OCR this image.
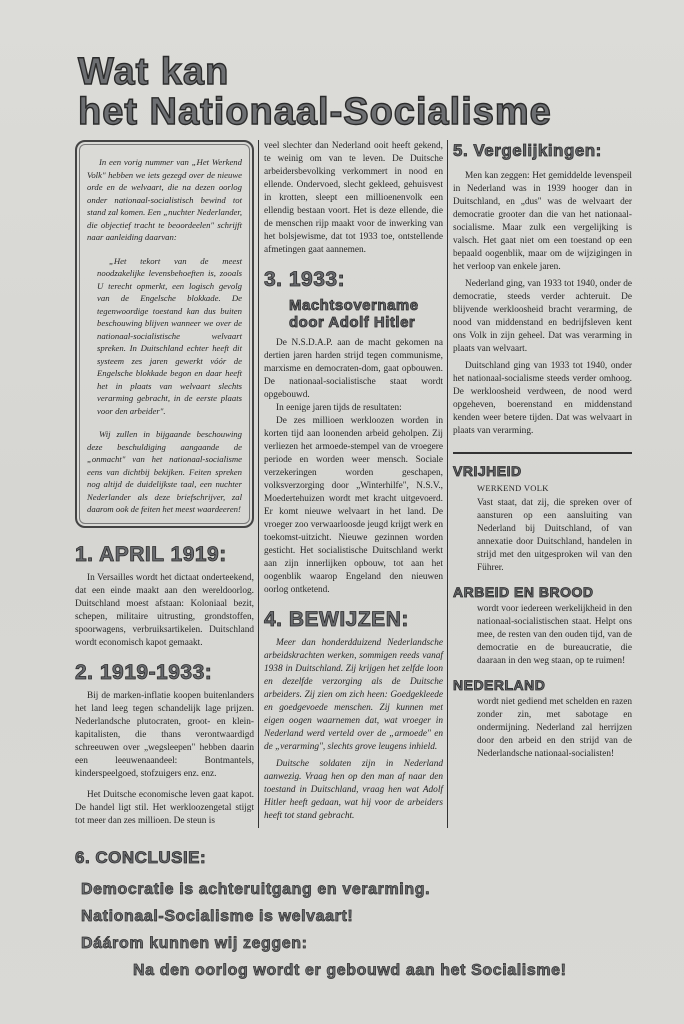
Wat kan
het Nationaal-Socialisme

In een vorig nummer van „Het Werkend Volk" hebben we iets gezegd over de nieuwe orde en de welvaart, die na dezen oorlog onder nationaal-socialistisch bewind tot stand zal komen. Een „nuchter Nederlander, die objectief tracht te beoordeelen" schrijft naar aanleiding daarvan:

„Het tekort van de meest noodzakelijke levensbehoeften is, zooals U terecht opmerkt, een logisch gevolg van de Engelsche blokkade. De tegenwoordige toestand kan dus buiten beschouwing blijven wanneer we over de nationaal-socialistische welvaart spreken. In Duitschland echter heeft dit systeem zes jaren gewerkt vóór de Engelsche blokkade begon en daar heeft het in plaats van welvaart slechts verarming gebracht, in de eerste plaats voor den arbeider".

Wij zullen in bijgaande beschouwing deze beschuldiging aangaande de „onmacht" van het nationaal-socialisme eens van dichtbij bekijken. Feiten spreken nog altijd de duidelijkste taal, een nuchter Nederlander als deze briefschrijver, zal daarom ook de feiten het meest waardeeren!

1. APRIL 1919:

In Versailles wordt het dictaat onderteekend, dat een einde maakt aan den wereldoorlog. Duitschland moest afstaan: Koloniaal bezit, schepen, militaire uitrusting, grondstoffen, spoorwagens, verbruiksartikelen. Duitschland wordt economisch kapot gemaakt.

2. 1919-1933:

Bij de marken-inflatie koopen buitenlanders het land leeg tegen schandelijk lage prijzen. Nederlandsche plutocraten, groot- en klein-kapitalisten, die thans verontwaardigd schreeuwen over „wegsleepen" hebben daarin een leeuwenaandeel: Bontmantels, kinderspeelgoed, stofzuigers enz. enz.

Het Duitsche economische leven gaat kapot. De handel ligt stil. Het werkloozengetal stijgt tot meer dan zes millioen. De steun is

veel slechter dan Nederland ooit heeft gekend, te weinig om van te leven. De Duitsche arbeidersbevolking verkommert in nood en ellende. Ondervoed, slecht gekleed, gehuisvest in krotten, sleept een millioenenvolk een ellendig bestaan voort. Het is deze ellende, die de menschen rijp maakt voor de inwerking van het bolsjewisme, dat tot 1933 toe, ontstellende afmetingen gaat aannemen.

3. 1933:
Machtsovername door Adolf Hitler

De N.S.D.A.P. aan de macht gekomen na dertien jaren harden strijd tegen communisme, marxisme en democraten-dom, gaat opbouwen. De nationaal-socialistische staat wordt opgebouwd.

In eenige jaren tijds de resultaten:

De zes millioen werkloozen worden in korten tijd aan loonenden arbeid geholpen. Zij verliezen het armoede-stempel van de vroegere periode en worden weer mensch. Sociale verzekeringen worden geschapen, volksverzorging door „Winterhilfe", N.S.V., Moedertehuizen wordt met kracht uitgevoerd. Er komt nieuwe welvaart in het land. De vroeger zoo verwaarloosde jeugd krijgt werk en toekomst-uitzicht. Nieuwe gezinnen worden gesticht. Het socialistische Duitschland werkt aan zijn innerlijken opbouw, tot aan het oogenblik waarop Engeland den nieuwen oorlog ontketend.

4. BEWIJZEN:

Meer dan honderdduizend Nederlandsche arbeidskrachten werken, sommigen reeds vanaf 1938 in Duitschland. Zij krijgen het zelfde loon en dezelfde verzorging als de Duitsche arbeiders. Zij zien om zich heen: Goedgekleede en goedgevoede menschen. Zij kunnen met eigen oogen waarnemen dat, wat vroeger in Nederland werd verteld over de „armoede" en de „verarming", slechts grove leugens inhield.

Duitsche soldaten zijn in Nederland aanwezig. Vraag hen op den man af naar den toestand in Duitschland, vraag hen wat Adolf Hitler heeft gedaan, wat hij voor de arbeiders heeft tot stand gebracht.

5. Vergelijkingen:

Men kan zeggen: Het gemiddelde levenspeil in Nederland was in 1939 hooger dan in Duitschland, en „dus" was de welvaart der democratie grooter dan die van het nationaal-socialisme. Maar zulk een vergelijking is valsch. Het gaat niet om een toestand op een bepaald oogenblik, maar om de wijzigingen in het verloop van enkele jaren.

Nederland ging, van 1933 tot 1940, onder de democratie, steeds verder achteruit. De blijvende werkloosheid bracht verarming, de nood van middenstand en bedrijfsleven kent ons Volk in zijn geheel. Dat was verarming in plaats van welvaart.

Duitschland ging van 1933 tot 1940, onder het nationaal-socialisme steeds verder omhoog. De werkloosheid verdween, de nood werd opgeheven, boerenstand en middenstand kenden weer betere tijden. Dat was welvaart in plaats van verarming.

VRIJHEID
WERKEND VOLK

Vast staat, dat zij, die spreken over of aansturen op een aansluiting van Nederland bij Duitschland, of van annexatie door Duitschland, handelen in strijd met den uitgesproken wil van den Führer.

ARBEID EN BROOD

wordt voor iedereen werkelijkheid in den nationaal-socialistischen staat. Helpt ons mee, de resten van den ouden tijd, van de democratie en de bureaucratie, die daaraan in den weg staan, op te ruimen!

NEDERLAND

wordt niet gediend met schelden en razen zonder zin, met sabotage en ondermijning. Nederland zal herrijzen door den arbeid en den strijd van de Nederlandsche nationaal-socialisten!

6. CONCLUSIE:
Democratie is achteruitgang en verarming.
Nationaal-Socialisme is welvaart!
Dáárom kunnen wij zeggen:
Na den oorlog wordt er gebouwd aan het Socialisme!
